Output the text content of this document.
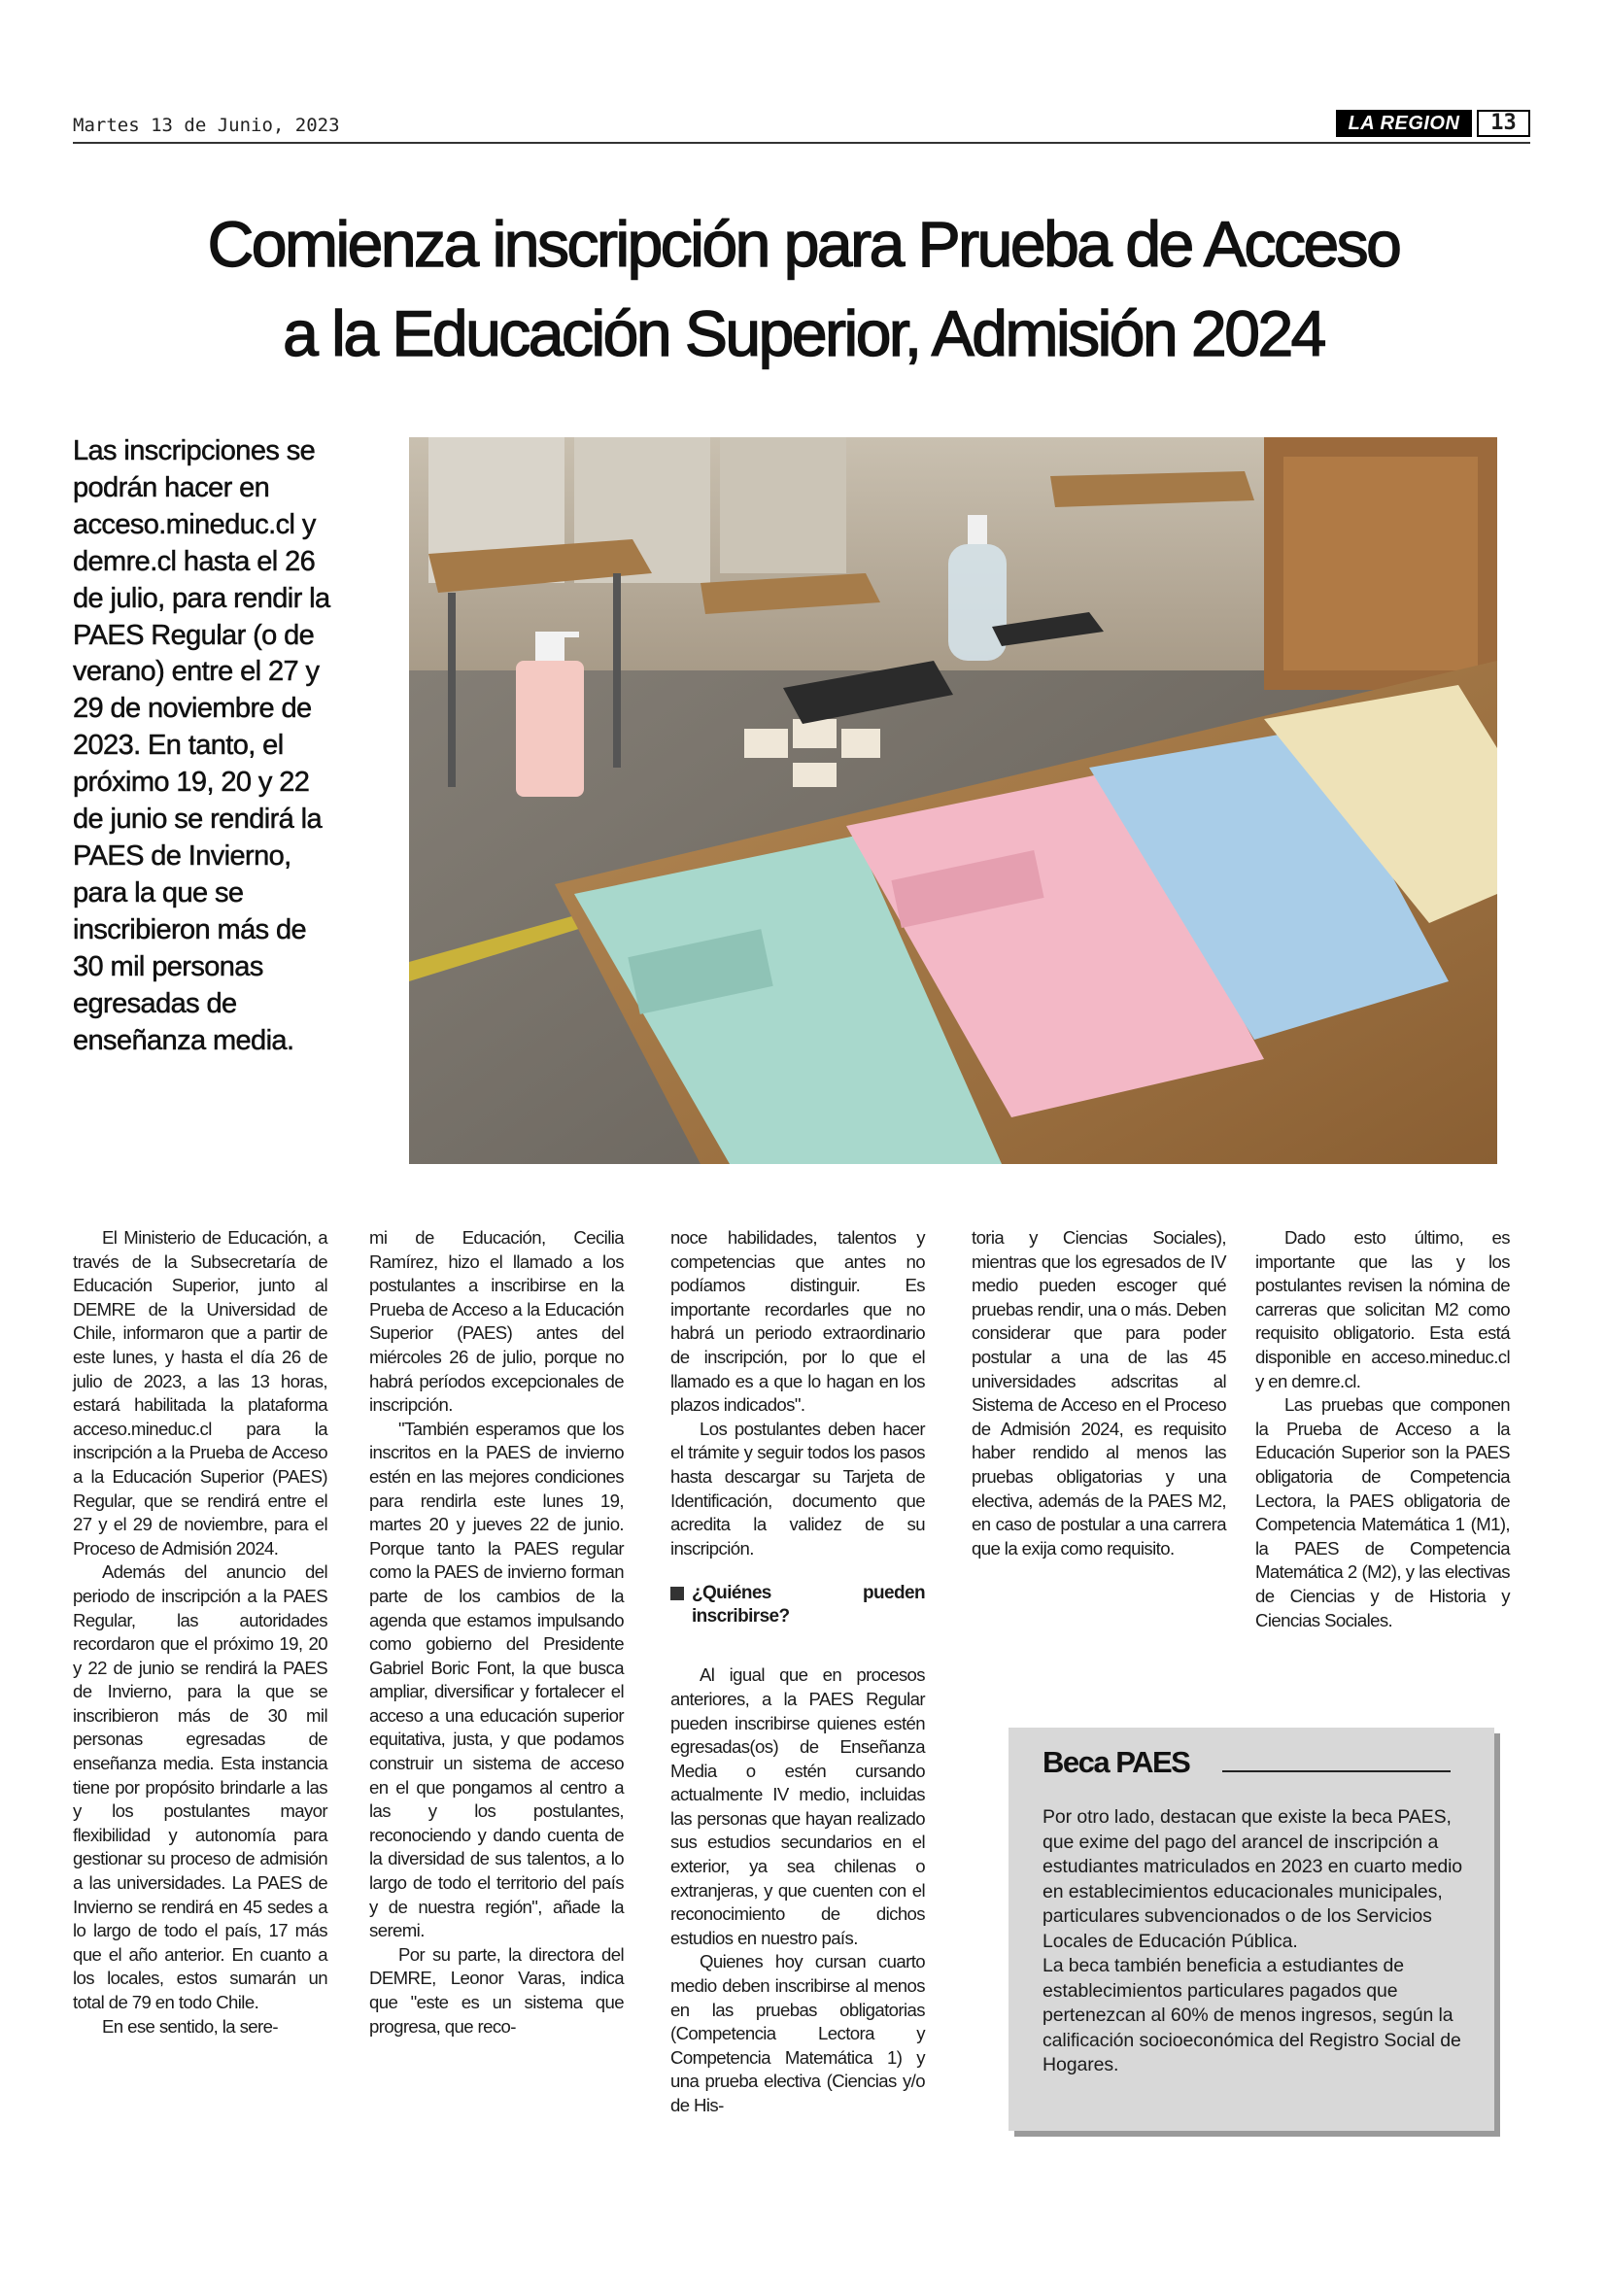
Martes 13 de Junio, 2023	LA REGION	13
Comienza inscripción para Prueba de Acceso
a la Educación Superior, Admisión 2024
Las inscripciones se podrán hacer en acceso.mineduc.cl y demre.cl hasta el 26 de julio, para rendir la PAES Regular (o de verano) entre el 27 y 29 de noviembre de 2023. En tanto, el próximo 19, 20 y 22 de junio se rendirá la PAES de Invierno, para la que se inscribieron más de 30 mil personas egresadas de enseñanza media.

El Ministerio de Educación, a través de la Subsecretaría de Educación Superior, junto al DEMRE de la Universidad de Chile, informaron que a partir de este lunes, y hasta el día 26 de julio de 2023, a las 13 horas, estará habilitada la plataforma acceso.mineduc.cl para la inscripción a la Prueba de Acceso a la Educación Superior (PAES) Regular, que se rendirá entre el 27 y el 29 de noviembre, para el Proceso de Admisión 2024.

Además del anuncio del periodo de inscripción a la PAES Regular, las autoridades recordaron que el próximo 19, 20 y 22 de junio se rendirá la PAES de Invierno, para la que se inscribieron más de 30 mil personas egresadas de enseñanza media. Esta instancia tiene por propósito brindarle a las y los postulantes mayor flexibilidad y autonomía para gestionar su proceso de admisión a las universidades. La PAES de Invierno se rendirá en 45 sedes a lo largo de todo el país, 17 más que el año anterior. En cuanto a los locales, estos sumarán un total de 79 en todo Chile.

En ese sentido, la sere-

mi de Educación, Cecilia Ramírez, hizo el llamado a los postulantes a inscribirse en la Prueba de Acceso a la Educación Superior (PAES) antes del miércoles 26 de julio, porque no habrá períodos excepcionales de inscripción.

"También esperamos que los inscritos en la PAES de invierno estén en las mejores condiciones para rendirla este lunes 19, martes 20 y jueves 22 de junio. Porque tanto la PAES regular como la PAES de invierno forman parte de los cambios de la agenda que estamos impulsando como gobierno del Presidente Gabriel Boric Font, la que busca ampliar, diversificar y fortalecer el acceso a una educación superior equitativa, justa, y que podamos construir un sistema de acceso en el que pongamos al centro a las y los postulantes, reconociendo y dando cuenta de la diversidad de sus talentos, a lo largo de todo el territorio del país y de nuestra región", añade la seremi.

Por su parte, la directora del DEMRE, Leonor Varas, indica que "este es un sistema que progresa, que reco-

noce habilidades, talentos y competencias que antes no podíamos distinguir. Es importante recordarles que no habrá un periodo extraordinario de inscripción, por lo que el llamado es a que lo hagan en los plazos indicados".

Los postulantes deben hacer el trámite y seguir todos los pasos hasta descargar su Tarjeta de Identificación, documento que acredita la validez de su inscripción.

¿Quiénes pueden inscribirse?

Al igual que en procesos anteriores, a la PAES Regular pueden inscribirse quienes estén egresadas(os) de Enseñanza Media o estén cursando actualmente IV medio, incluidas las personas que hayan realizado sus estudios secundarios en el exterior, ya sea chilenas o extranjeras, y que cuenten con el reconocimiento de dichos estudios en nuestro país.

Quienes hoy cursan cuarto medio deben inscribirse al menos en las pruebas obligatorias (Competencia Lectora y Competencia Matemática 1) y una prueba electiva (Ciencias y/o de His-

toria y Ciencias Sociales), mientras que los egresados de IV medio pueden escoger qué pruebas rendir, una o más. Deben considerar que para poder postular a una de las 45 universidades adscritas al Sistema de Acceso en el Proceso de Admisión 2024, es requisito haber rendido al menos las pruebas obligatorias y una electiva, además de la PAES M2, en caso de postular a una carrera que la exija como requisito.

Dado esto último, es importante que las y los postulantes revisen la nómina de carreras que solicitan M2 como requisito obligatorio. Esta está disponible en acceso.mineduc.cl y en demre.cl.

Las pruebas que componen la Prueba de Acceso a la Educación Superior son la PAES obligatoria de Competencia Lectora, la PAES obligatoria de Competencia Matemática 1 (M1), la PAES de Competencia Matemática 2 (M2), y las electivas de Ciencias y de Historia y Ciencias Sociales.

Beca PAES

Por otro lado, destacan que existe la beca PAES, que exime del pago del arancel de inscripción a estudiantes matriculados en 2023 en cuarto medio en establecimientos educacionales municipales, particulares subvencionados o de los Servicios Locales de Educación Pública.

La beca también beneficia a estudiantes de establecimientos particulares pagados que pertenezcan al 60% de menos ingresos, según la calificación socioeconómica del Registro Social de Hogares.
